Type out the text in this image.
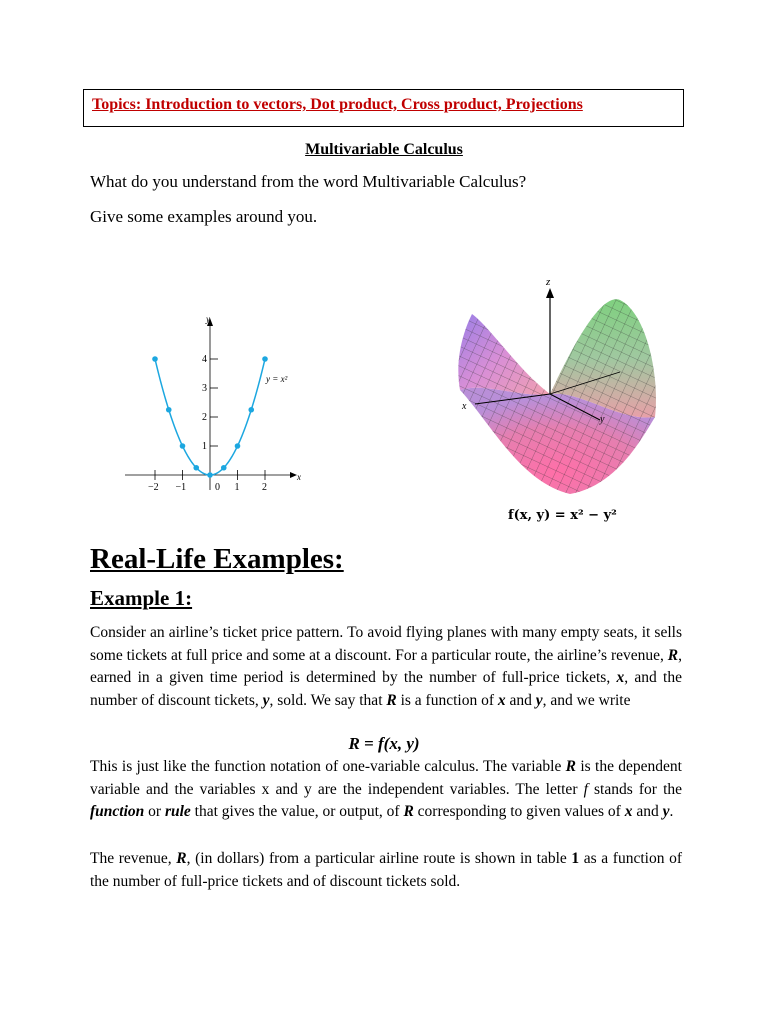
Topics: Introduction to vectors, Dot product, Cross product, Projections
Multivariable Calculus
What do you understand from the word Multivariable Calculus?
Give some examples around you.
y
x
−2 −1	0 1 2
1
2
3
4
y = x²
z
x
y
f(x, y) = x² − y²
Real-Life Examples:
Example 1:
Consider an airline’s ticket price pattern. To avoid flying planes with many empty seats, it sells some tickets at full price and some at a discount. For a particular route, the airline’s revenue, R, earned in a given time period is determined by the number of full-price tickets, x, and the number of discount tickets, y, sold. We say that R is a function of x and y, and we write
R = f(x, y)
This is just like the function notation of one-variable calculus. The variable R is the dependent variable and the variables x and y are the independent variables. The letter f stands for the function or rule that gives the value, or output, of R corresponding to given values of x and y.
The revenue, R, (in dollars) from a particular airline route is shown in table 1 as a function of the number of full-price tickets and of discount tickets sold.
